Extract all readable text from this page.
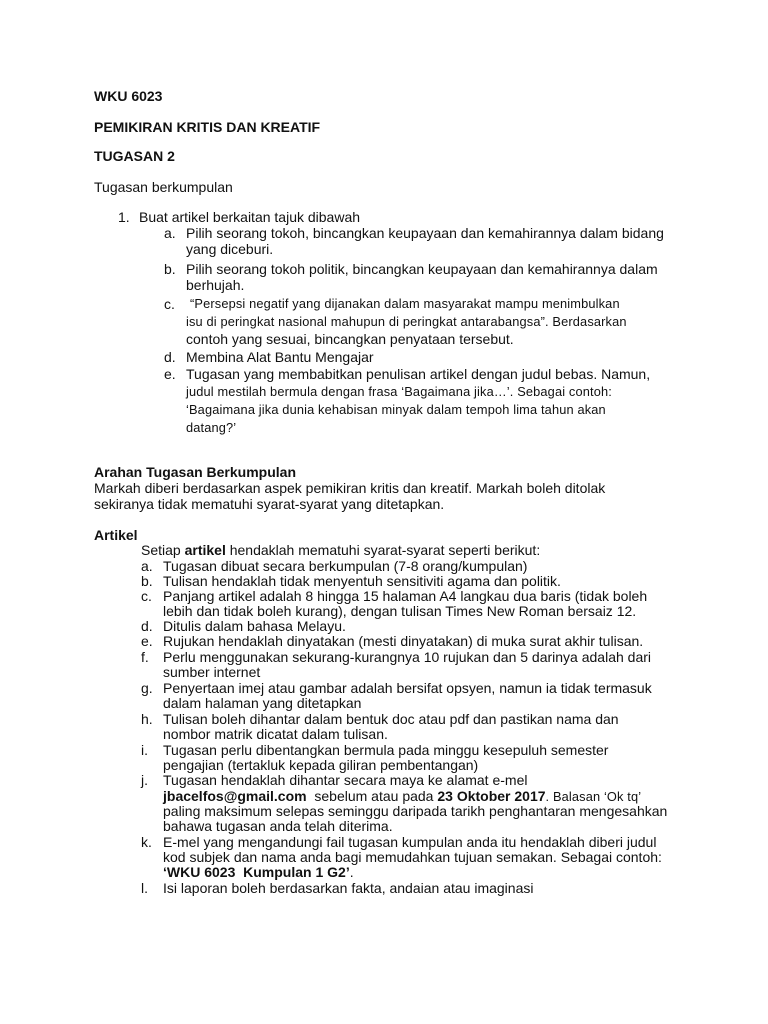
WKU 6023
PEMIKIRAN KRITIS DAN KREATIF
TUGASAN 2
Tugasan berkumpulan
1. Buat artikel berkaitan tajuk dibawah
a. Pilih seorang tokoh, bincangkan keupayaan dan kemahirannya dalam bidang
yang diceburi.
b. Pilih seorang tokoh politik, bincangkan keupayaan dan kemahirannya dalam
berhujah.
c. “Persepsi negatif yang dijanakan dalam masyarakat mampu menimbulkan
isu di peringkat nasional mahupun di peringkat antarabangsa”. Berdasarkan
contoh yang sesuai, bincangkan penyataan tersebut.
d. Membina Alat Bantu Mengajar
e. Tugasan yang membabitkan penulisan artikel dengan judul bebas. Namun,
judul mestilah bermula dengan frasa ‘Bagaimana jika…’. Sebagai contoh:
‘Bagaimana jika dunia kehabisan minyak dalam tempoh lima tahun akan
datang?’
Arahan Tugasan Berkumpulan
Markah diberi berdasarkan aspek pemikiran kritis dan kreatif. Markah boleh ditolak
sekiranya tidak mematuhi syarat-syarat yang ditetapkan.
Artikel
Setiap artikel hendaklah mematuhi syarat-syarat seperti berikut:
a. Tugasan dibuat secara berkumpulan (7-8 orang/kumpulan)
b. Tulisan hendaklah tidak menyentuh sensitiviti agama dan politik.
c. Panjang artikel adalah 8 hingga 15 halaman A4 langkau dua baris (tidak boleh
lebih dan tidak boleh kurang), dengan tulisan Times New Roman bersaiz 12.
d. Ditulis dalam bahasa Melayu.
e. Rujukan hendaklah dinyatakan (mesti dinyatakan) di muka surat akhir tulisan.
f. Perlu menggunakan sekurang-kurangnya 10 rujukan dan 5 darinya adalah dari
sumber internet
g. Penyertaan imej atau gambar adalah bersifat opsyen, namun ia tidak termasuk
dalam halaman yang ditetapkan
h. Tulisan boleh dihantar dalam bentuk doc atau pdf dan pastikan nama dan
nombor matrik dicatat dalam tulisan.
i. Tugasan perlu dibentangkan bermula pada minggu kesepuluh semester
pengajian (tertakluk kepada giliran pembentangan)
j. Tugasan hendaklah dihantar secara maya ke alamat e-mel
jbacelfos@gmail.com  sebelum atau pada 23 Oktober 2017. Balasan ‘Ok tq’
paling maksimum selepas seminggu daripada tarikh penghantaran mengesahkan
bahawa tugasan anda telah diterima.
k. E-mel yang mengandungi fail tugasan kumpulan anda itu hendaklah diberi judul
kod subjek dan nama anda bagi memudahkan tujuan semakan. Sebagai contoh:
‘WKU 6023  Kumpulan 1 G2’.
l. Isi laporan boleh berdasarkan fakta, andaian atau imaginasi
